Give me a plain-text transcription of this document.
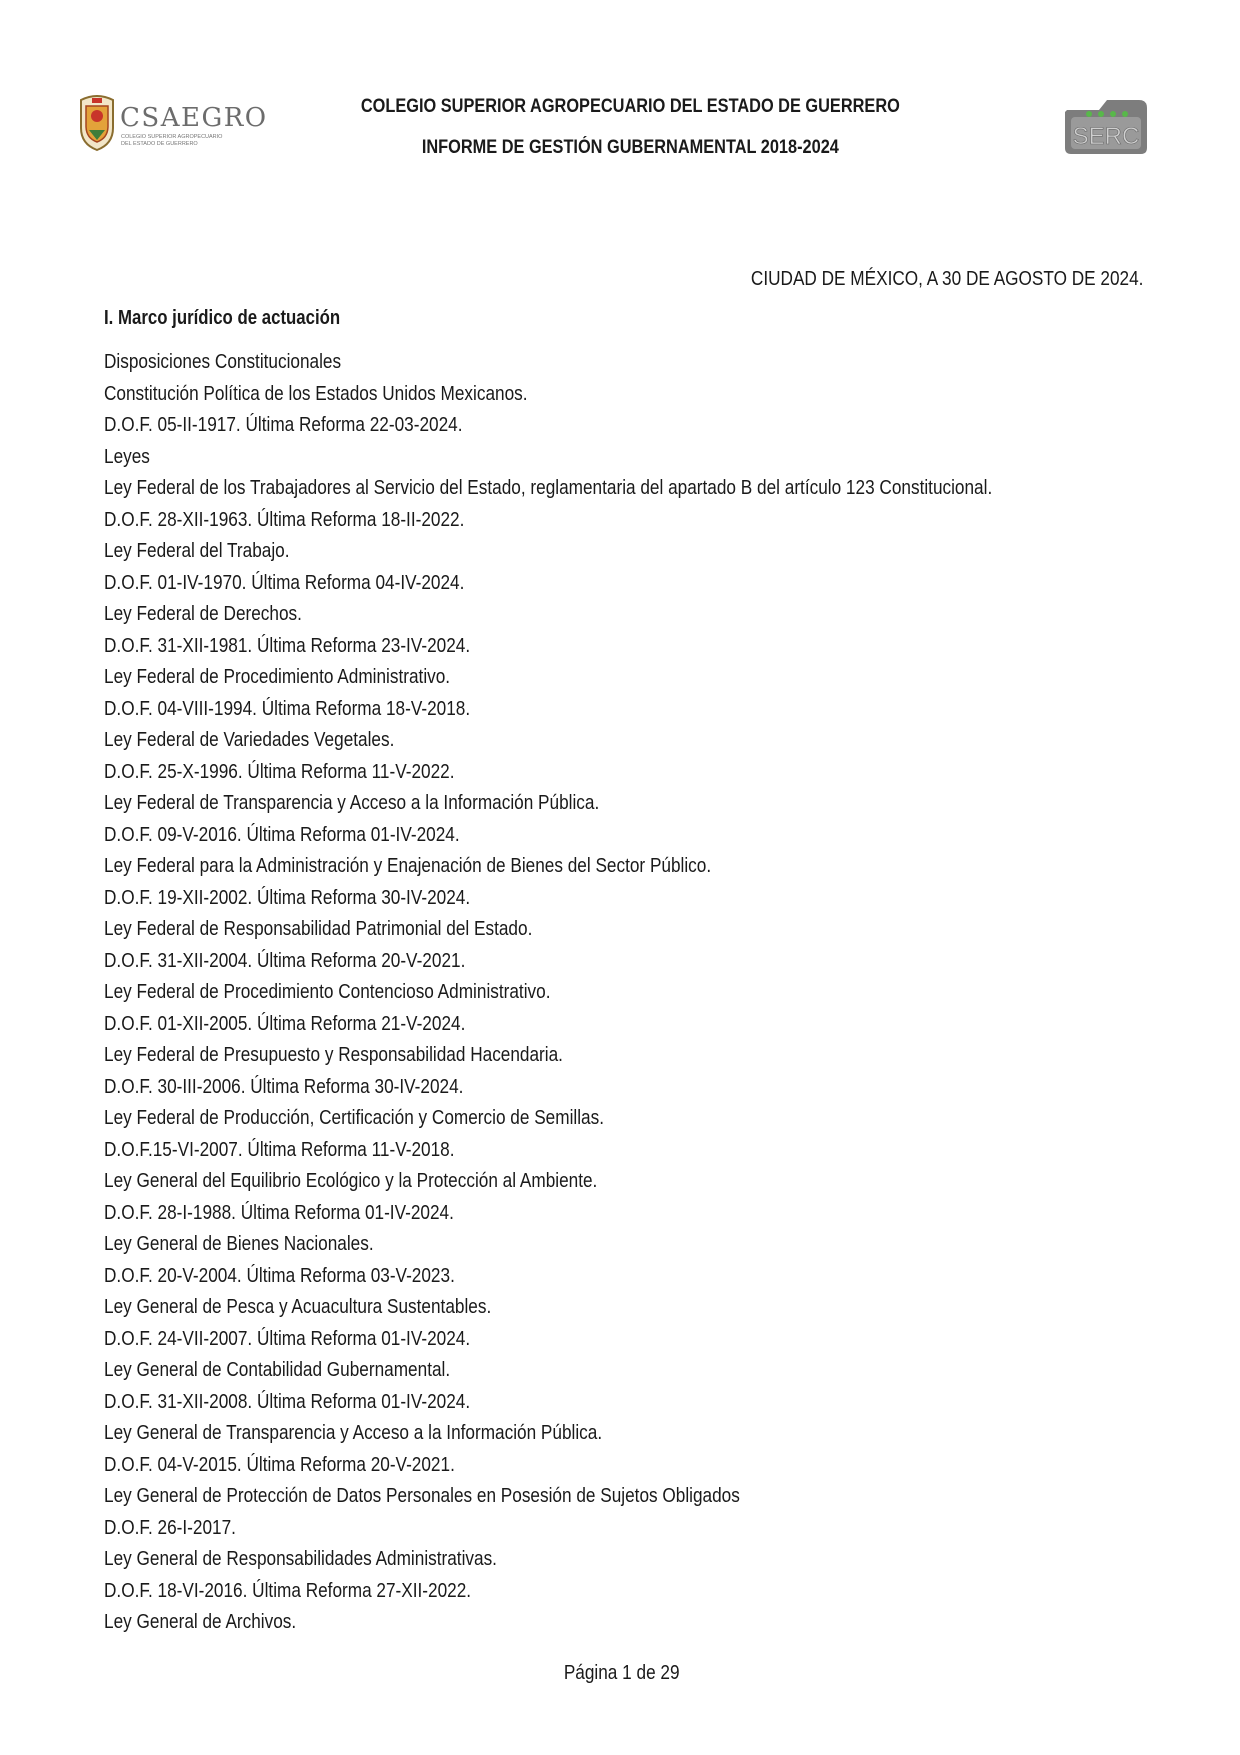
CSAEGRO
COLEGIO SUPERIOR AGROPECUARIO
DEL ESTADO DE GUERRERO
COLEGIO SUPERIOR AGROPECUARIO DEL ESTADO DE GUERRERO
INFORME DE GESTIÓN GUBERNAMENTAL 2018-2024	SERC
CIUDAD DE MÉXICO, A 30 DE AGOSTO DE 2024.
I. Marco jurídico de actuación
Disposiciones Constitucionales
Constitución Política de los Estados Unidos Mexicanos.
D.O.F. 05-II-1917. Última Reforma 22-03-2024.
Leyes
Ley Federal de los Trabajadores al Servicio del Estado, reglamentaria del apartado B del artículo 123 Constitucional.
D.O.F. 28-XII-1963. Última Reforma 18-II-2022.
Ley Federal del Trabajo.
D.O.F. 01-IV-1970. Última Reforma 04-IV-2024.
Ley Federal de Derechos.
D.O.F. 31-XII-1981. Última Reforma 23-IV-2024.
Ley Federal de Procedimiento Administrativo.
D.O.F. 04-VIII-1994. Última Reforma 18-V-2018.
Ley Federal de Variedades Vegetales.
D.O.F. 25-X-1996. Última Reforma 11-V-2022.
Ley Federal de Transparencia y Acceso a la Información Pública.
D.O.F. 09-V-2016. Última Reforma 01-IV-2024.
Ley Federal para la Administración y Enajenación de Bienes del Sector Público.
D.O.F. 19-XII-2002. Última Reforma 30-IV-2024.
Ley Federal de Responsabilidad Patrimonial del Estado.
D.O.F. 31-XII-2004. Última Reforma 20-V-2021.
Ley Federal de Procedimiento Contencioso Administrativo.
D.O.F. 01-XII-2005. Última Reforma 21-V-2024.
Ley Federal de Presupuesto y Responsabilidad Hacendaria.
D.O.F. 30-III-2006. Última Reforma 30-IV-2024.
Ley Federal de Producción, Certificación y Comercio de Semillas.
D.O.F.15-VI-2007. Última Reforma 11-V-2018.
Ley General del Equilibrio Ecológico y la Protección al Ambiente.
D.O.F. 28-I-1988. Última Reforma 01-IV-2024.
Ley General de Bienes Nacionales.
D.O.F. 20-V-2004. Última Reforma 03-V-2023.
Ley General de Pesca y Acuacultura Sustentables.
D.O.F. 24-VII-2007. Última Reforma 01-IV-2024.
Ley General de Contabilidad Gubernamental.
D.O.F. 31-XII-2008. Última Reforma 01-IV-2024.
Ley General de Transparencia y Acceso a la Información Pública.
D.O.F. 04-V-2015. Última Reforma 20-V-2021.
Ley General de Protección de Datos Personales en Posesión de Sujetos Obligados
D.O.F. 26-I-2017.
Ley General de Responsabilidades Administrativas.
D.O.F. 18-VI-2016. Última Reforma 27-XII-2022.
Ley General de Archivos.
Página 1 de 29
